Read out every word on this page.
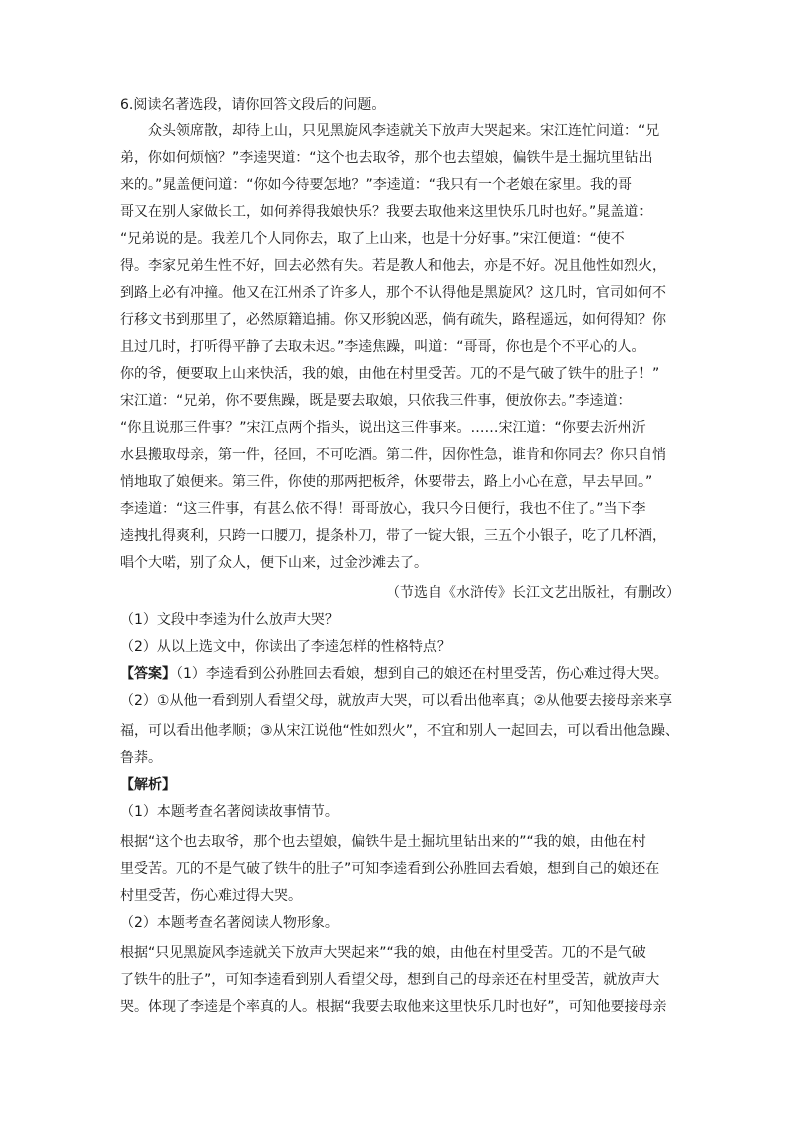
6.阅读名著选段，请你回答文段后的问题。
众头领席散，却待上山，只见黑旋风李逵就关下放声大哭起来。宋江连忙问道：“兄
弟，你如何烦恼？”李逵哭道：“这个也去取爷，那个也去望娘，偏铁牛是土掘坑里钻出
来的。”晁盖便问道：“你如今待要怎地？”李逵道：“我只有一个老娘在家里。我的哥
哥又在别人家做长工，如何养得我娘快乐？我要去取他来这里快乐几时也好。”晁盖道：
“兄弟说的是。我差几个人同你去，取了上山来，也是十分好事。”宋江便道：“使不
得。李家兄弟生性不好，回去必然有失。若是教人和他去，亦是不好。况且他性如烈火，
到路上必有冲撞。他又在江州杀了许多人，那个不认得他是黑旋风？这几时，官司如何不
行移文书到那里了，必然原籍追捕。你又形貌凶恶，倘有疏失，路程遥远，如何得知？你
且过几时，打听得平静了去取未迟。”李逵焦躁，叫道：“哥哥，你也是个不平心的人。
你的爷，便要取上山来快活，我的娘，由他在村里受苦。兀的不是气破了铁牛的肚子！”
宋江道：“兄弟，你不要焦躁，既是要去取娘，只依我三件事，便放你去。”李逵道：
“你且说那三件事？”宋江点两个指头，说出这三件事来。……宋江道：“你要去沂州沂
水县搬取母亲，第一件，径回，不可吃酒。第二件，因你性急，谁肯和你同去？你只自悄
悄地取了娘便来。第三件，你使的那两把板斧，休要带去，路上小心在意，早去早回。”
李逵道：“这三件事，有甚么依不得！哥哥放心，我只今日便行，我也不住了。”当下李
逵拽扎得爽利，只跨一口腰刀，提条朴刀，带了一锭大银，三五个小银子，吃了几杯酒，
唱个大喏，别了众人，便下山来，过金沙滩去了。
（节选自《水浒传》长江文艺出版社，有删改）
（1）文段中李逵为什么放声大哭？
（2）从以上选文中，你读出了李逵怎样的性格特点？
【答案】（1）李逵看到公孙胜回去看娘，想到自己的娘还在村里受苦，伤心难过得大哭。
（2）①从他一看到别人看望父母，就放声大哭，可以看出他率真；②从他要去接母亲来享
福，可以看出他孝顺；③从宋江说他“性如烈火”，不宜和别人一起回去，可以看出他急躁、
鲁莽。
【解析】
（1）本题考查名著阅读故事情节。
根据“这个也去取爷，那个也去望娘，偏铁牛是土掘坑里钻出来的”“我的娘，由他在村
里受苦。兀的不是气破了铁牛的肚子”可知李逵看到公孙胜回去看娘，想到自己的娘还在
村里受苦，伤心难过得大哭。
（2）本题考查名著阅读人物形象。
根据“只见黑旋风李逵就关下放声大哭起来”“我的娘，由他在村里受苦。兀的不是气破
了铁牛的肚子”，可知李逵看到别人看望父母，想到自己的母亲还在村里受苦，就放声大
哭。体现了李逵是个率真的人。根据“我要去取他来这里快乐几时也好”，可知他要接母亲
